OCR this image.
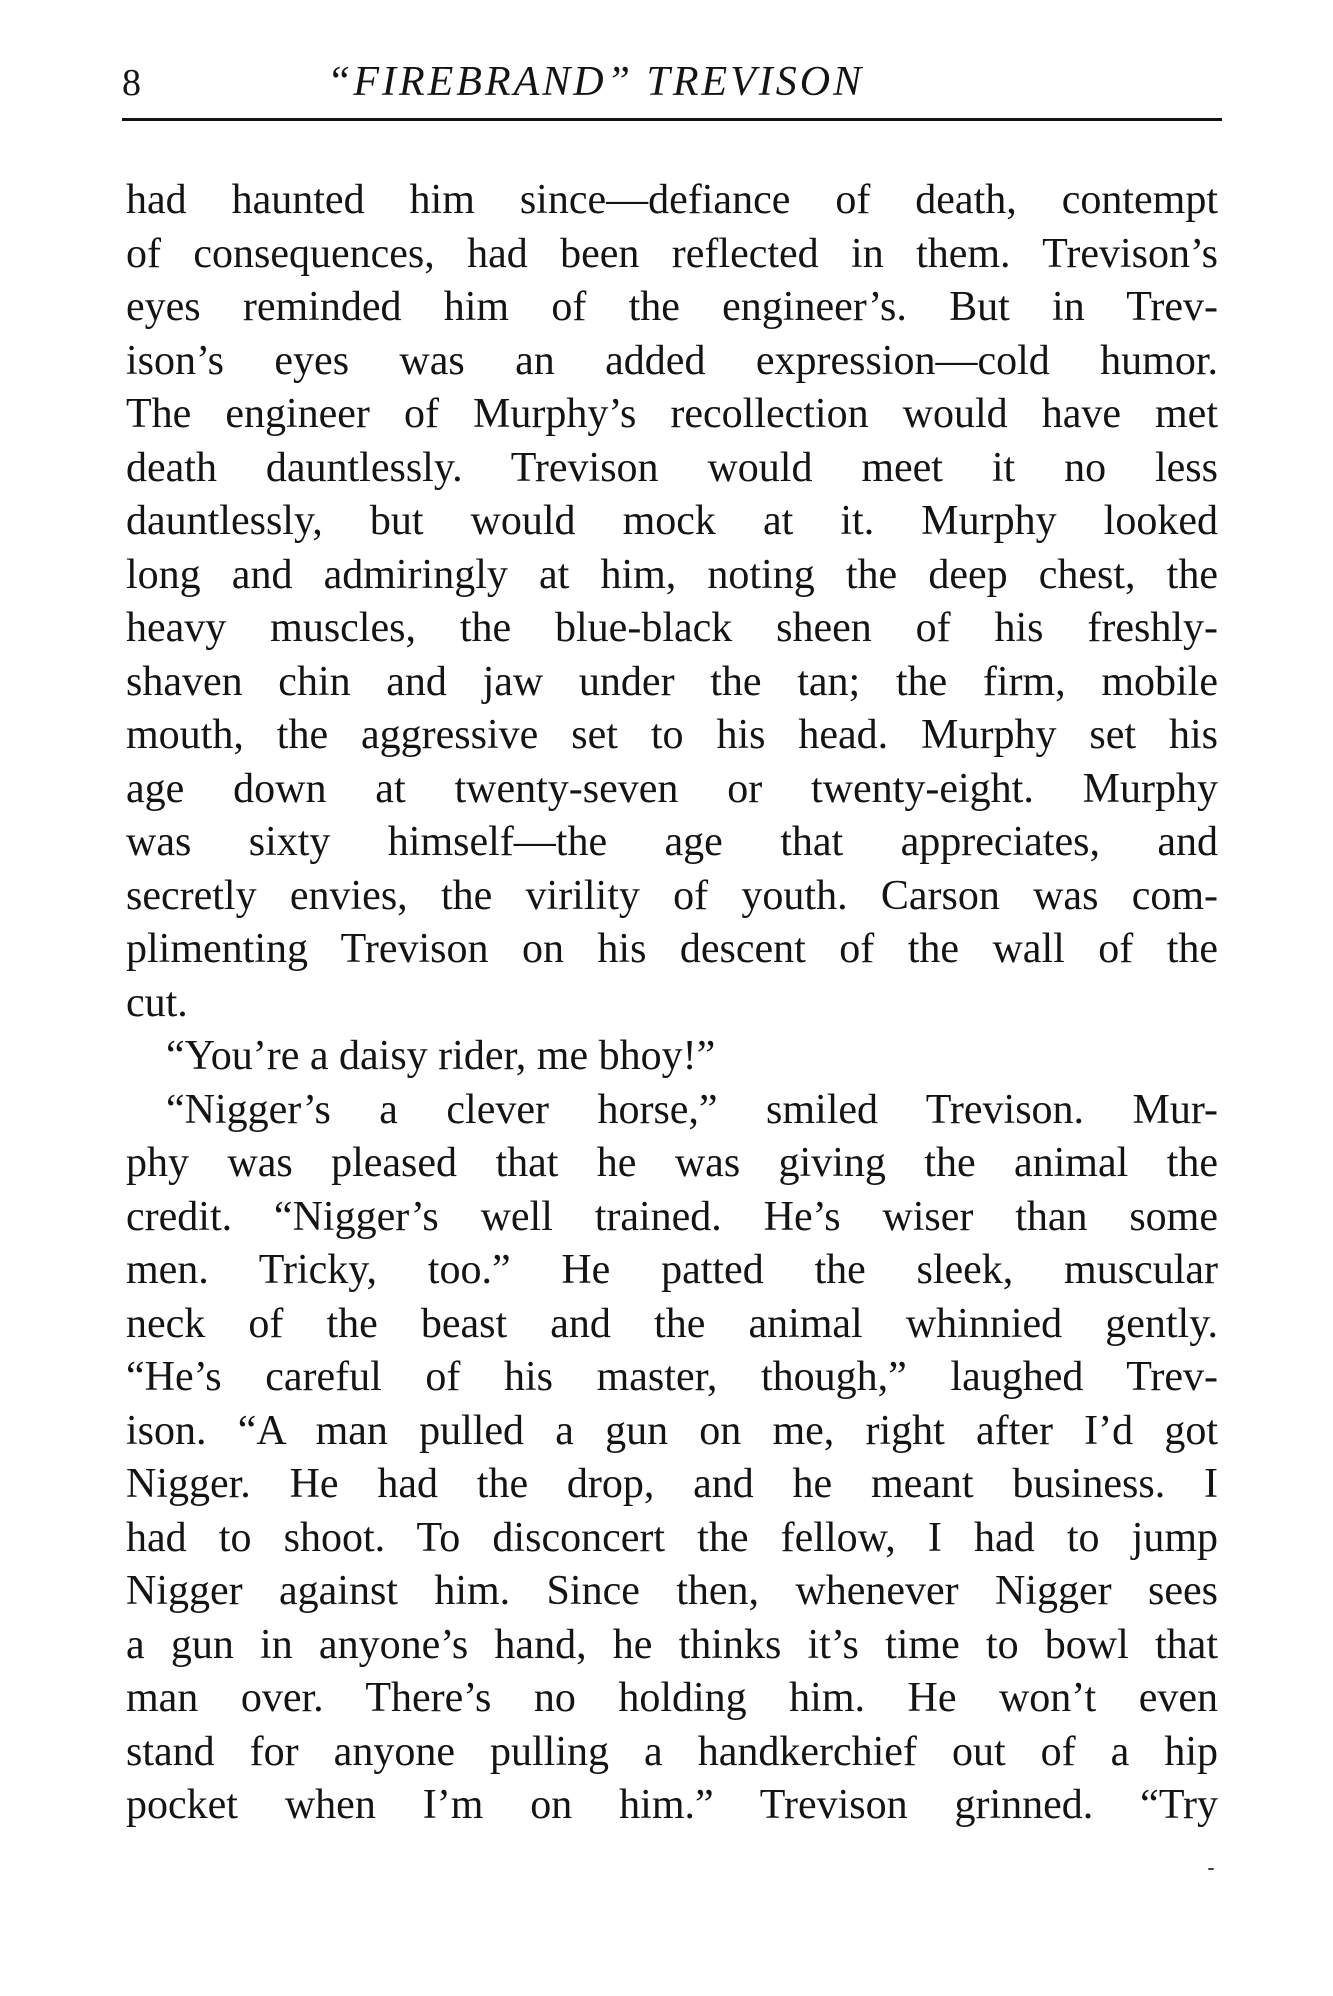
8	“FIREBRAND” TREVISON
had haunted him since—defiance of death, contempt
of consequences, had been reflected in them. Trevison’s
eyes reminded him of the engineer’s. But in Trev-
ison’s eyes was an added expression—cold humor.
The engineer of Murphy’s recollection would have met
death dauntlessly. Trevison would meet it no less
dauntlessly, but would mock at it. Murphy looked
long and admiringly at him, noting the deep chest, the
heavy muscles, the blue-black sheen of his freshly-
shaven chin and jaw under the tan; the firm, mobile
mouth, the aggressive set to his head. Murphy set his
age down at twenty-seven or twenty-eight. Murphy
was sixty himself—the age that appreciates, and
secretly envies, the virility of youth. Carson was com-
plimenting Trevison on his descent of the wall of the
cut.
“You’re a daisy rider, me bhoy!”
“Nigger’s a clever horse,” smiled Trevison. Mur-
phy was pleased that he was giving the animal the
credit. “Nigger’s well trained. He’s wiser than some
men. Tricky, too.” He patted the sleek, muscular
neck of the beast and the animal whinnied gently.
“He’s careful of his master, though,” laughed Trev-
ison. “A man pulled a gun on me, right after I’d got
Nigger. He had the drop, and he meant business. I
had to shoot. To disconcert the fellow, I had to jump
Nigger against him. Since then, whenever Nigger sees
a gun in anyone’s hand, he thinks it’s time to bowl that
man over. There’s no holding him. He won’t even
stand for anyone pulling a handkerchief out of a hip
pocket when I’m on him.” Trevison grinned. “Try
